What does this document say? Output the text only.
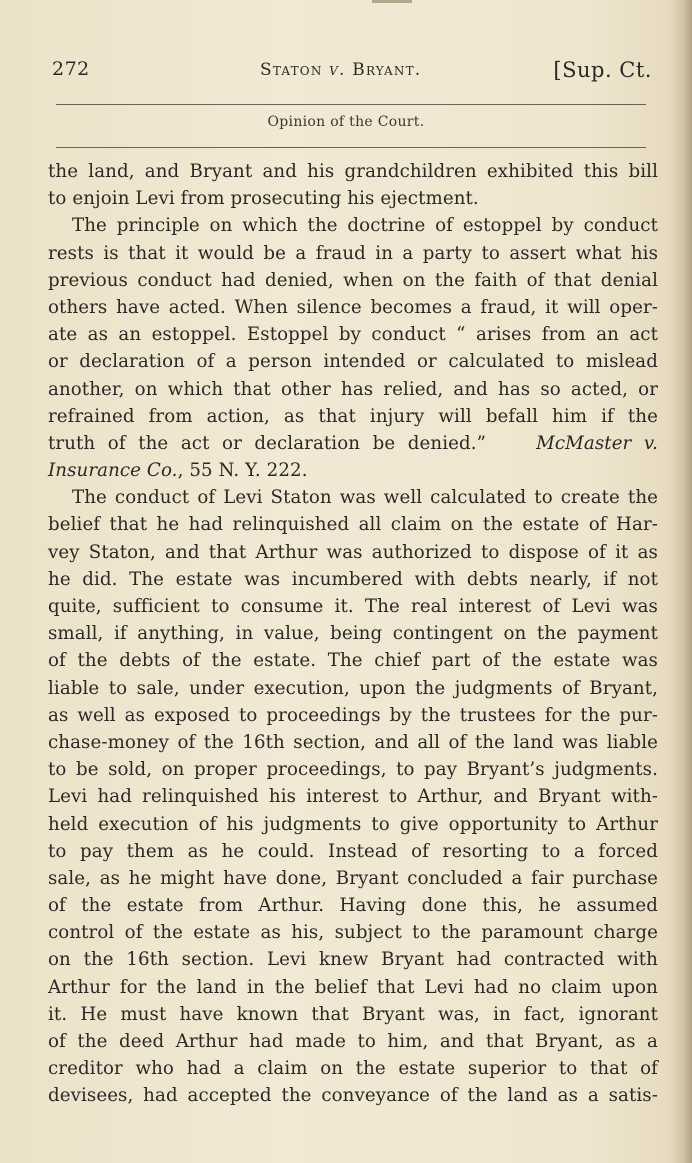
272	Staton v. Bryant.	[Sup. Ct.
Opinion of the Court.
the land, and Bryant and his grandchildren exhibited this bill
to enjoin Levi from prosecuting his ejectment.
The principle on which the doctrine of estoppel by conduct
rests is that it would be a fraud in a party to assert what his
previous conduct had denied, when on the faith of that denial
others have acted. When silence becomes a fraud, it will oper-
ate as an estoppel. Estoppel by conduct “ arises from an act
or declaration of a person intended or calculated to mislead
another, on which that other has relied, and has so acted, or
refrained from action, as that injury will befall him if the
truth of the act or declaration be denied.”	McMaster v.
Insurance Co., 55 N. Y. 222.
The conduct of Levi Staton was well calculated to create the
belief that he had relinquished all claim on the estate of Har-
vey Staton, and that Arthur was authorized to dispose of it as
he did. The estate was incumbered with debts nearly, if not
quite, sufficient to consume it. The real interest of Levi was
small, if anything, in value, being contingent on the payment
of the debts of the estate. The chief part of the estate was
liable to sale, under execution, upon the judgments of Bryant,
as well as exposed to proceedings by the trustees for the pur-
chase-money of the 16th section, and all of the land was liable
to be sold, on proper proceedings, to pay Bryant’s judgments.
Levi had relinquished his interest to Arthur, and Bryant with-
held execution of his judgments to give opportunity to Arthur
to pay them as he could. Instead of resorting to a forced
sale, as he might have done, Bryant concluded a fair purchase
of the estate from Arthur. Having done this, he assumed
control of the estate as his, subject to the paramount charge
on the 16th section. Levi knew Bryant had contracted with
Arthur for the land in the belief that Levi had no claim upon
it. He must have known that Bryant was, in fact, ignorant
of the deed Arthur had made to him, and that Bryant, as a
creditor who had a claim on the estate superior to that of
devisees, had accepted the conveyance of the land as a satis-
